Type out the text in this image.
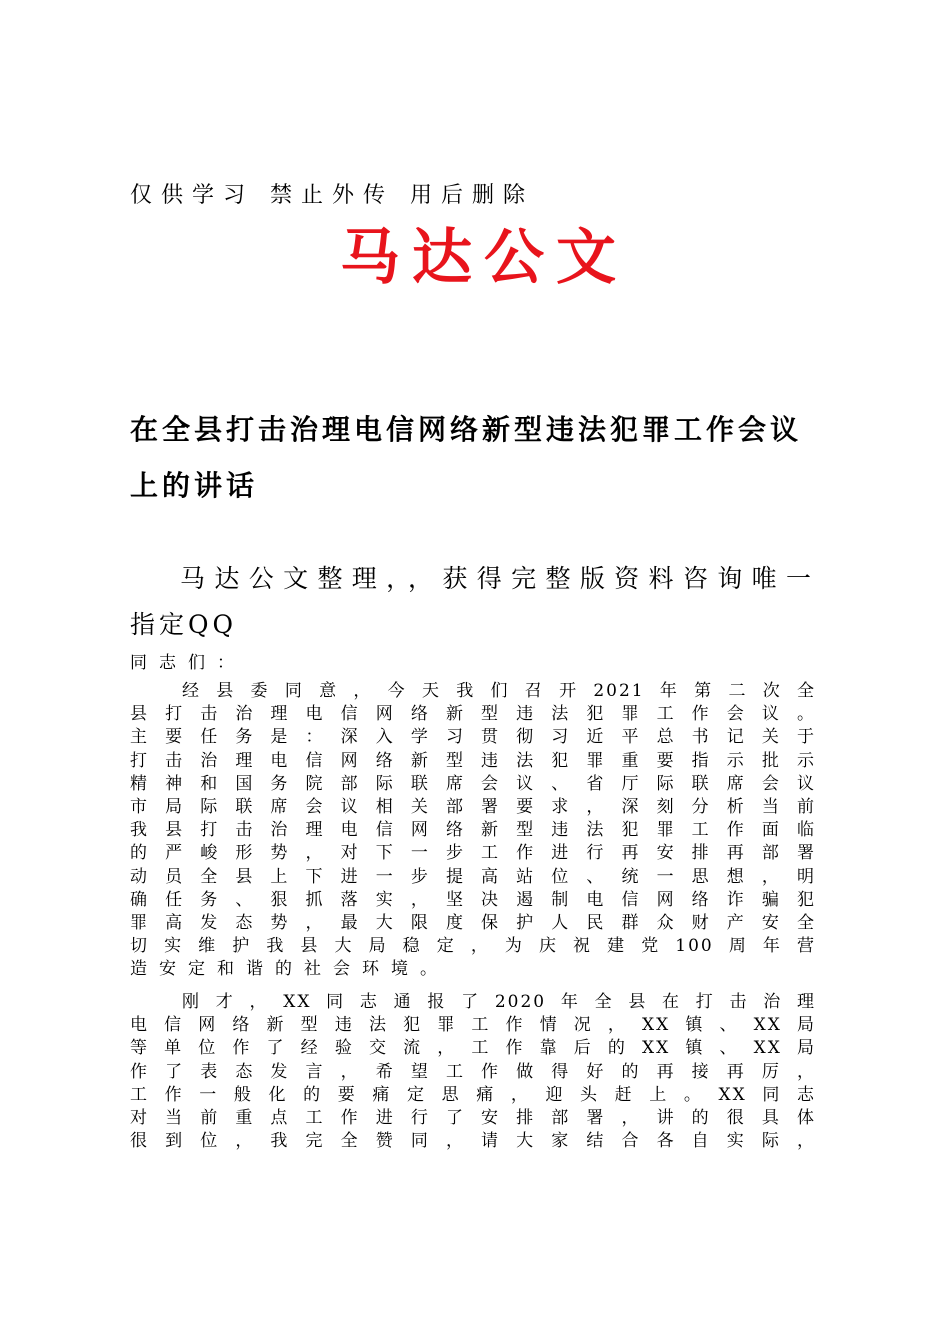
仅供学习 禁止外传 用后删除
马达公文
在全县打击治理电信网络新型违法犯罪工作会议上的讲话
马达公文整理，，获得完整版资料咨询唯一
指定QQ
同志们：
经县委同意，今天我们召开2021年第二次全
县打击治理电信网络新型违法犯罪工作会议。
主要任务是：深入学习贯彻习近平总书记关于
打击治理电信网络新型违法犯罪重要指示批示
精神和国务院部际联席会议、省厅际联席会议
市局际联席会议相关部署要求，深刻分析当前
我县打击治理电信网络新型违法犯罪工作面临
的严峻形势，对下一步工作进行再安排再部署
动员全县上下进一步提高站位、统一思想，明
确任务、狠抓落实，坚决遏制电信网络诈骗犯
罪高发态势，最大限度保护人民群众财产安全
切实维护我县大局稳定，为庆祝建党100周年营
造安定和谐的社会环境。
刚才，XX同志通报了2020年全县在打击治理
电信网络新型违法犯罪工作情况，XX镇、XX局
等单位作了经验交流，工作靠后的XX镇、XX局
作了表态发言，希望工作做得好的再接再厉，
工作一般化的要痛定思痛，迎头赶上。XX同志
对当前重点工作进行了安排部署，讲的很具体
很到位，我完全赞同，请大家结合各自实际，
